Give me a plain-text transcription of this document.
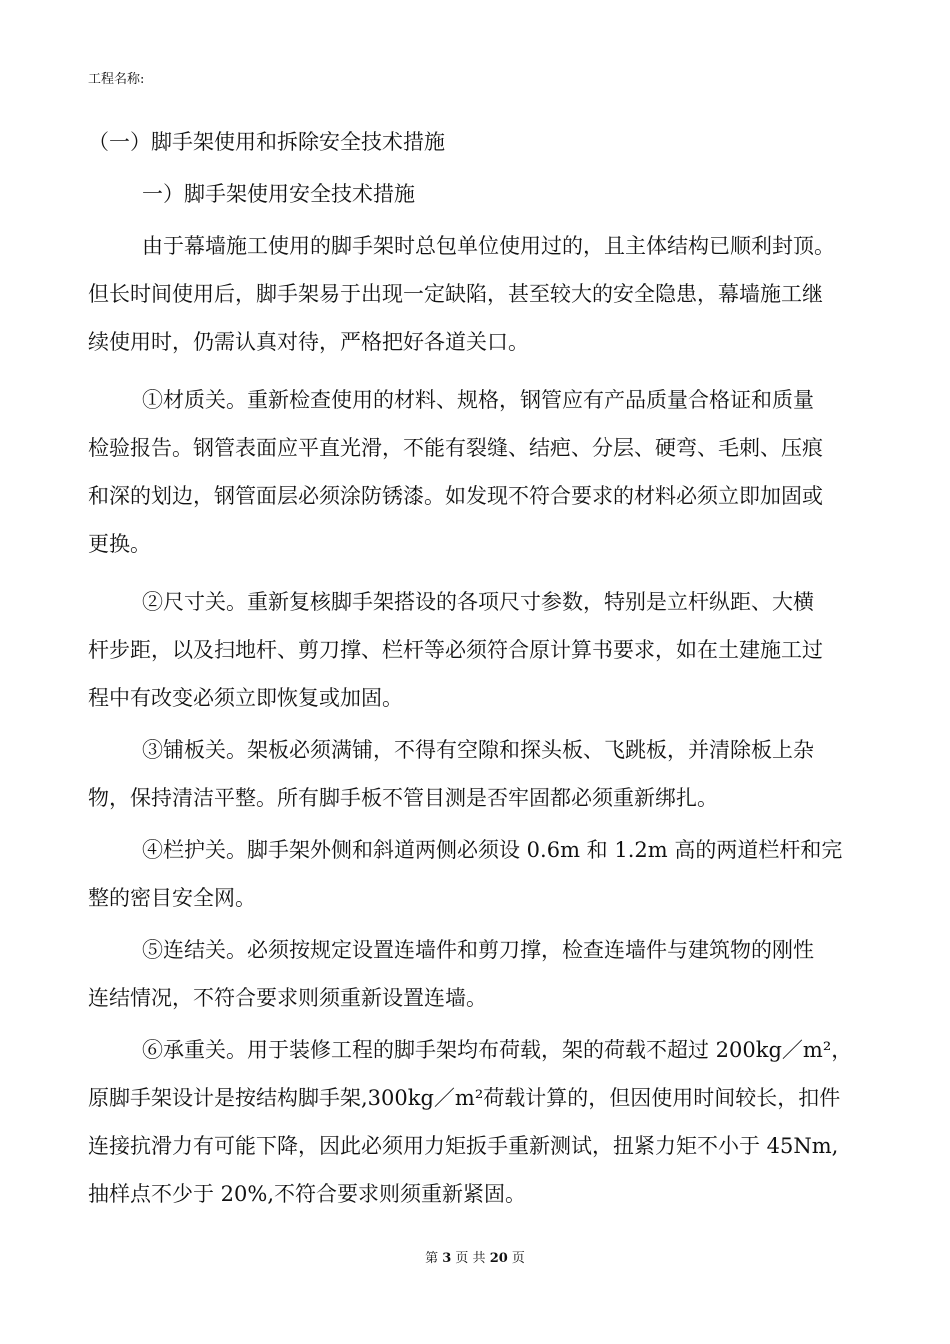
工程名称:
（一）脚手架使用和拆除安全技术措施
一）脚手架使用安全技术措施
由于幕墙施工使用的脚手架时总包单位使用过的，且主体结构已顺利封顶。
但长时间使用后，脚手架易于出现一定缺陷，甚至较大的安全隐患，幕墙施工继
续使用时，仍需认真对待，严格把好各道关口。
①材质关。重新检查使用的材料、规格，钢管应有产品质量合格证和质量
检验报告。钢管表面应平直光滑，不能有裂缝、结疤、分层、硬弯、毛刺、压痕
和深的划边，钢管面层必须涂防锈漆。如发现不符合要求的材料必须立即加固或
更换。
②尺寸关。重新复核脚手架搭设的各项尺寸参数，特别是立杆纵距、大横
杆步距，以及扫地杆、剪刀撑、栏杆等必须符合原计算书要求，如在土建施工过
程中有改变必须立即恢复或加固。
③铺板关。架板必须满铺，不得有空隙和探头板、飞跳板，并清除板上杂
物，保持清洁平整。所有脚手板不管目测是否牢固都必须重新绑扎。
④栏护关。脚手架外侧和斜道两侧必须设 0.6m 和 1.2m 高的两道栏杆和完
整的密目安全网。
⑤连结关。必须按规定设置连墙件和剪刀撑，检查连墙件与建筑物的刚性
连结情况，不符合要求则须重新设置连墙。
⑥承重关。用于装修工程的脚手架均布荷载，架的荷载不超过 200kg／m²，
原脚手架设计是按结构脚手架,300kg／m²荷载计算的，但因使用时间较长，扣件
连接抗滑力有可能下降，因此必须用力矩扳手重新测试，扭紧力矩不小于 45Nm,
抽样点不少于 20%,不符合要求则须重新紧固。
第 3 页 共 20 页
